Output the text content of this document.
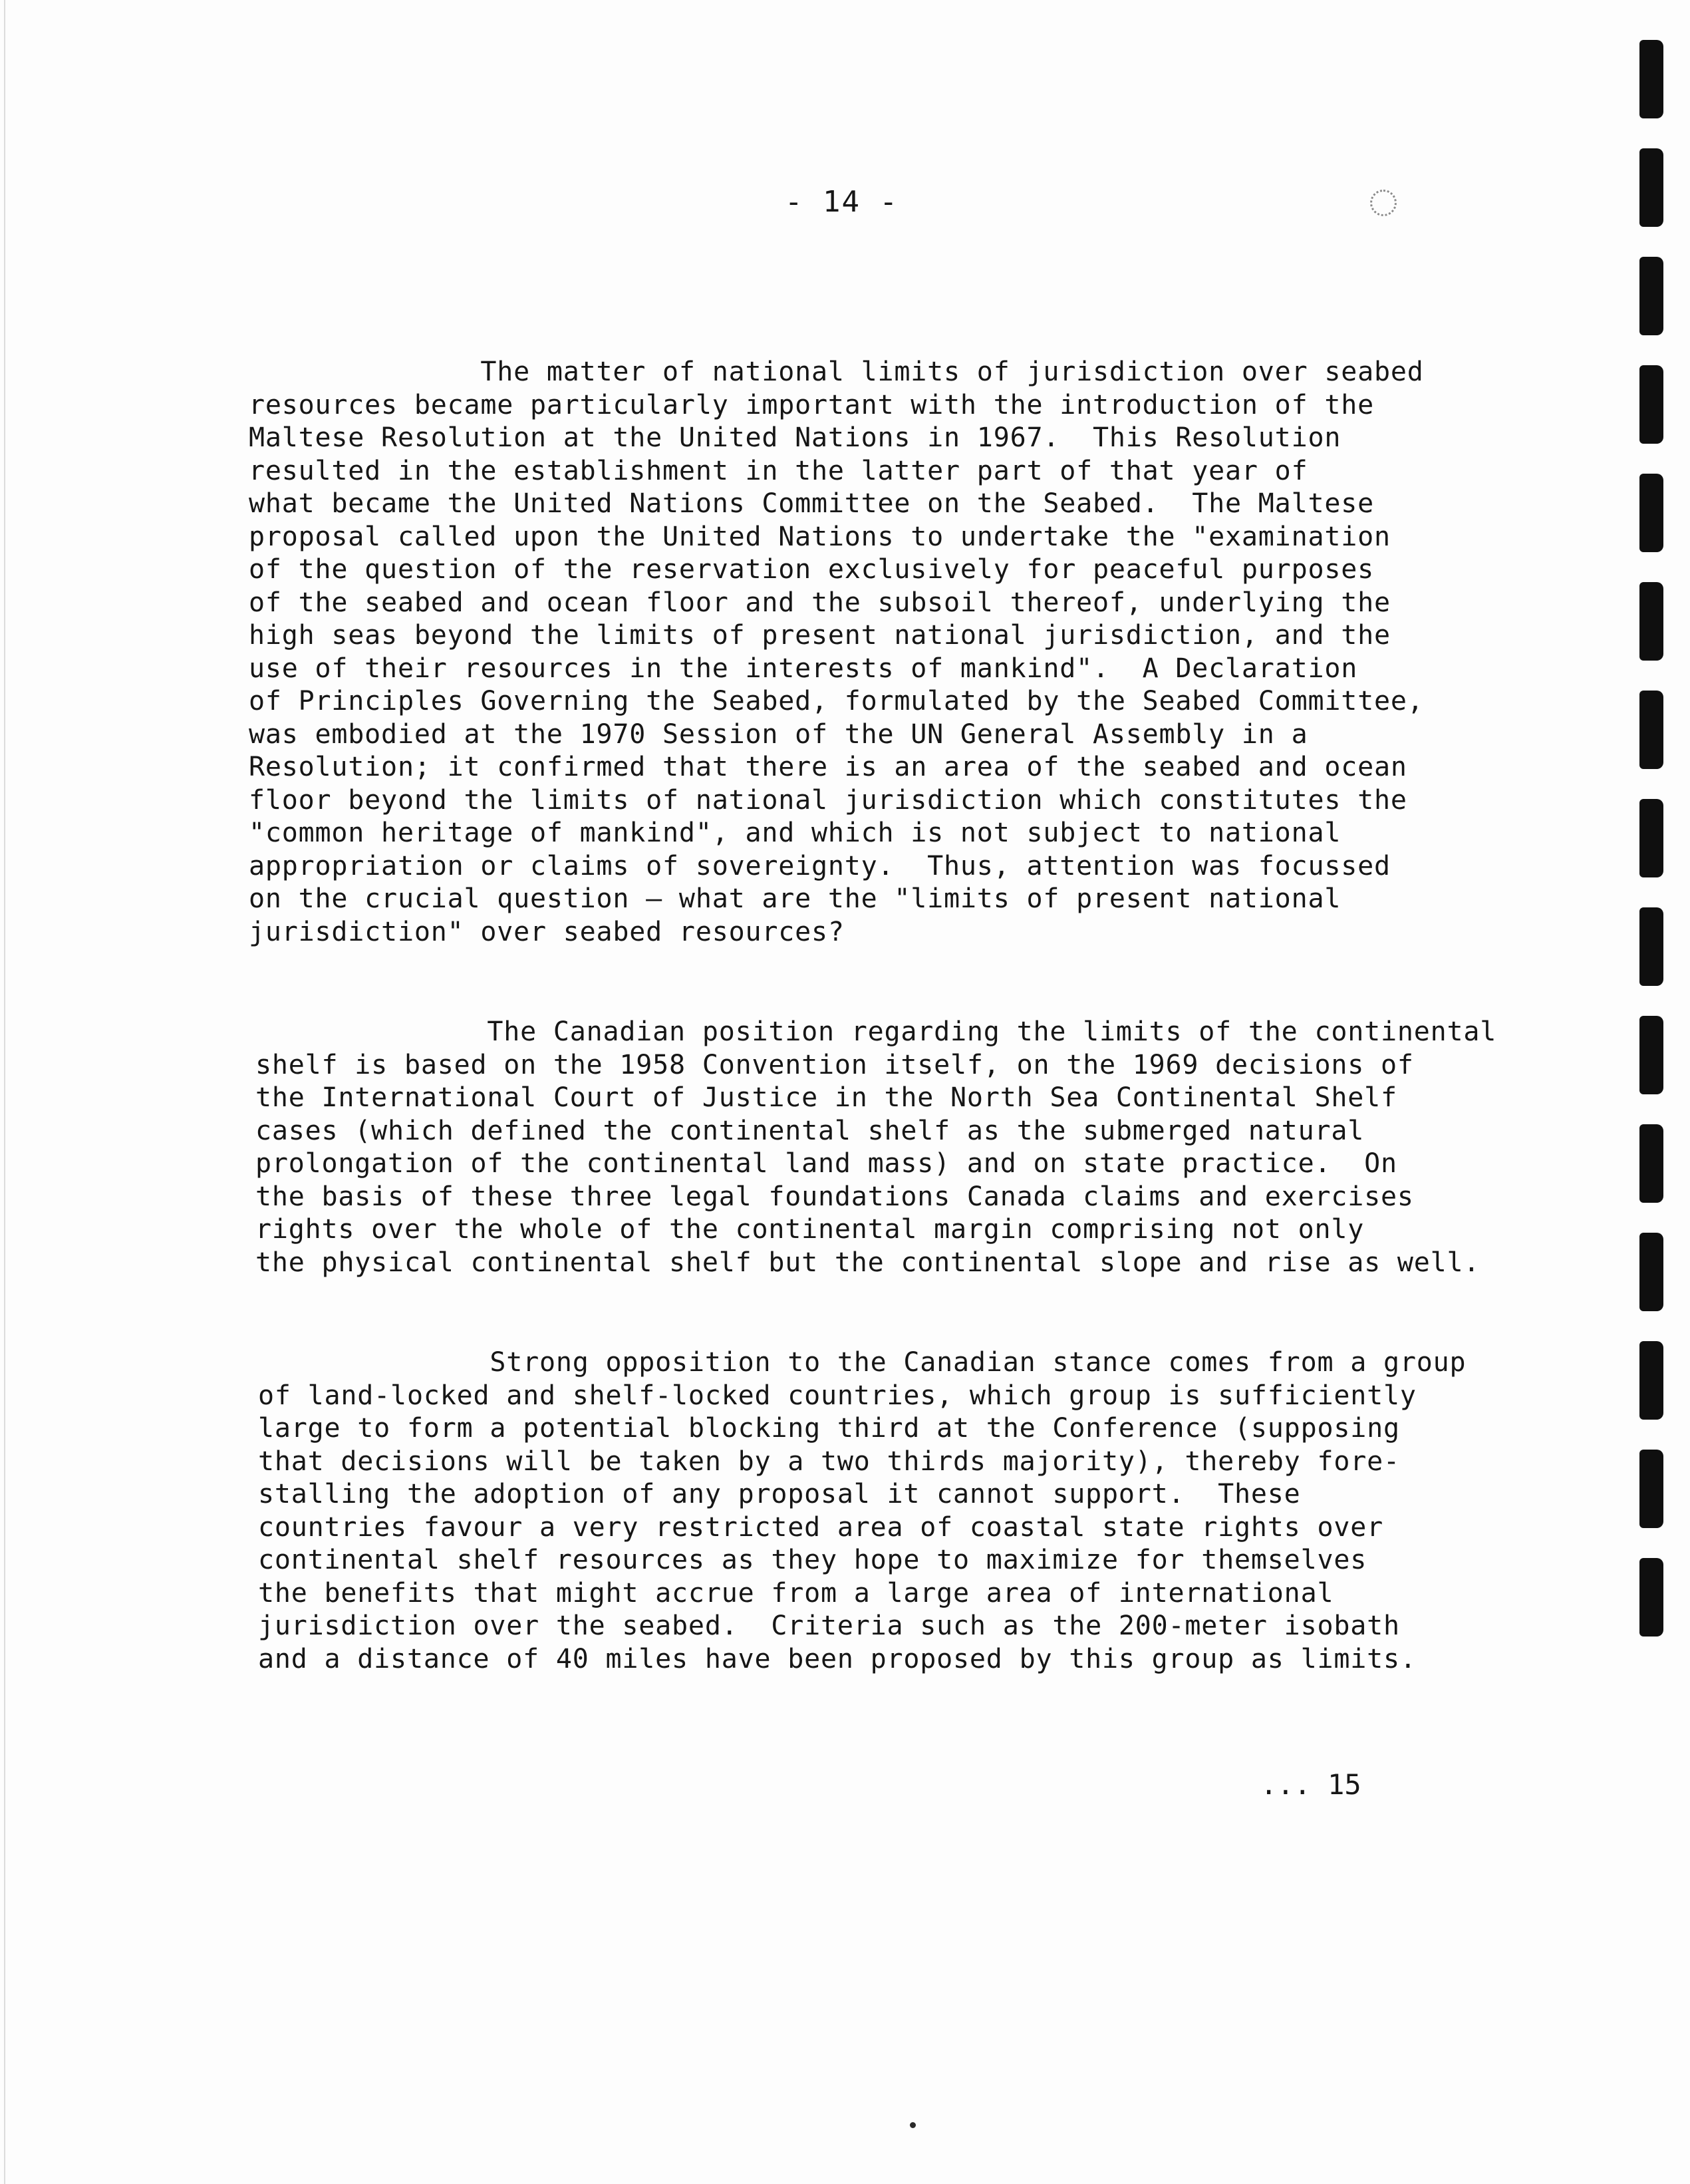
- 14 -

The matter of national limits of jurisdiction over seabed
resources became particularly important with the introduction of the
Maltese Resolution at the United Nations in 1967.  This Resolution
resulted in the establishment in the latter part of that year of
what became the United Nations Committee on the Seabed.  The Maltese
proposal called upon the United Nations to undertake the "examination
of the question of the reservation exclusively for peaceful purposes
of the seabed and ocean floor and the subsoil thereof, underlying the
high seas beyond the limits of present national jurisdiction, and the
use of their resources in the interests of mankind".  A Declaration
of Principles Governing the Seabed, formulated by the Seabed Committee,
was embodied at the 1970 Session of the UN General Assembly in a
Resolution; it confirmed that there is an area of the seabed and ocean
floor beyond the limits of national jurisdiction which constitutes the
"common heritage of mankind", and which is not subject to national
appropriation or claims of sovereignty.  Thus, attention was focussed
on the crucial question — what are the "limits of present national
jurisdiction" over seabed resources?

The Canadian position regarding the limits of the continental
shelf is based on the 1958 Convention itself, on the 1969 decisions of
the International Court of Justice in the North Sea Continental Shelf
cases (which defined the continental shelf as the submerged natural
prolongation of the continental land mass) and on state practice.  On
the basis of these three legal foundations Canada claims and exercises
rights over the whole of the continental margin comprising not only
the physical continental shelf but the continental slope and rise as well.

Strong opposition to the Canadian stance comes from a group
of land-locked and shelf-locked countries, which group is sufficiently
large to form a potential blocking third at the Conference (supposing
that decisions will be taken by a two thirds majority), thereby fore-
stalling the adoption of any proposal it cannot support.  These
countries favour a very restricted area of coastal state rights over
continental shelf resources as they hope to maximize for themselves
the benefits that might accrue from a large area of international
jurisdiction over the seabed.  Criteria such as the 200-meter isobath
and a distance of 40 miles have been proposed by this group as limits.

... 15
